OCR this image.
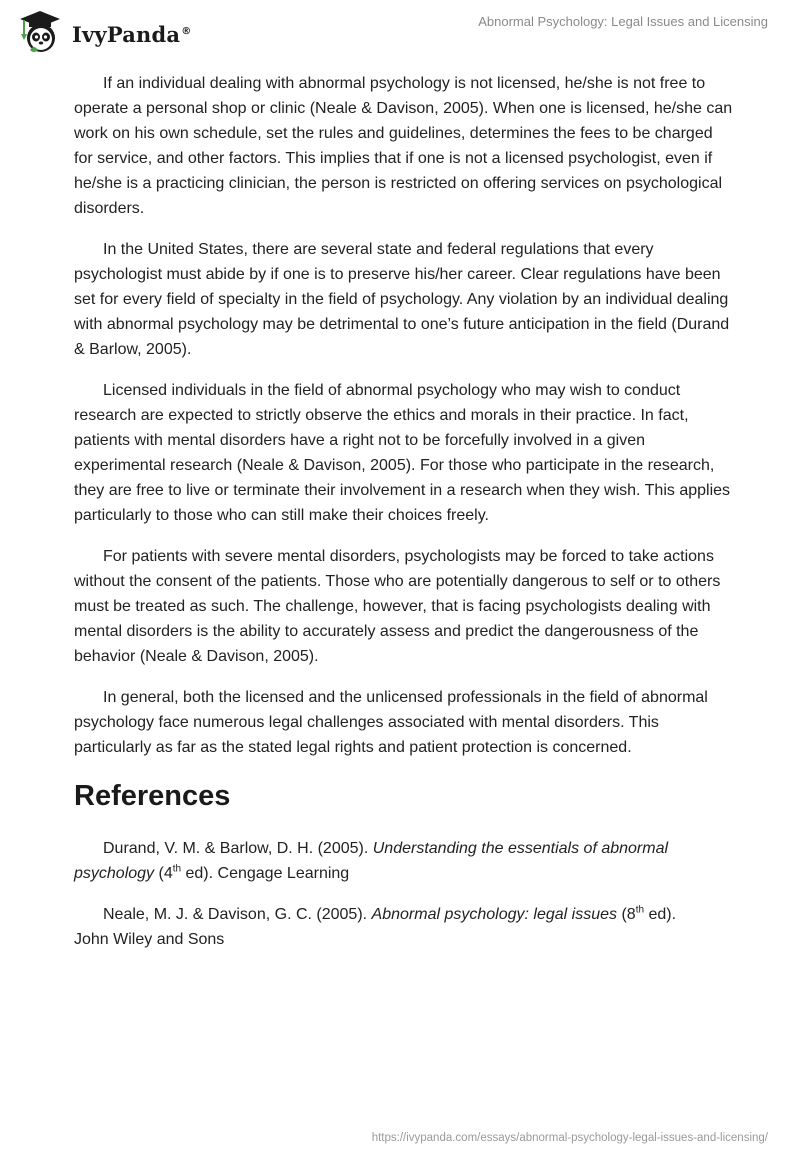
IvyPanda®
Abnormal Psychology: Legal Issues and Licensing

If an individual dealing with abnormal psychology is not licensed, he/she is not free to operate a personal shop or clinic (Neale & Davison, 2005). When one is licensed, he/she can work on his own schedule, set the rules and guidelines, determines the fees to be charged for service, and other factors. This implies that if one is not a licensed psychologist, even if he/she is a practicing clinician, the person is restricted on offering services on psychological disorders.

In the United States, there are several state and federal regulations that every psychologist must abide by if one is to preserve his/her career. Clear regulations have been set for every field of specialty in the field of psychology. Any violation by an individual dealing with abnormal psychology may be detrimental to one’s future anticipation in the field (Durand & Barlow, 2005).

Licensed individuals in the field of abnormal psychology who may wish to conduct research are expected to strictly observe the ethics and morals in their practice. In fact, patients with mental disorders have a right not to be forcefully involved in a given experimental research (Neale & Davison, 2005). For those who participate in the research, they are free to live or terminate their involvement in a research when they wish. This applies particularly to those who can still make their choices freely.

For patients with severe mental disorders, psychologists may be forced to take actions without the consent of the patients. Those who are potentially dangerous to self or to others must be treated as such. The challenge, however, that is facing psychologists dealing with mental disorders is the ability to accurately assess and predict the dangerousness of the behavior (Neale & Davison, 2005).

In general, both the licensed and the unlicensed professionals in the field of abnormal psychology face numerous legal challenges associated with mental disorders. This particularly as far as the stated legal rights and patient protection is concerned.

References

Durand, V. M. & Barlow, D. H. (2005). Understanding the essentials of abnormal psychology (4th ed). Cengage Learning

Neale, M. J. & Davison, G. C. (2005). Abnormal psychology: legal issues (8th ed). John Wiley and Sons

https://ivypanda.com/essays/abnormal-psychology-legal-issues-and-licensing/
